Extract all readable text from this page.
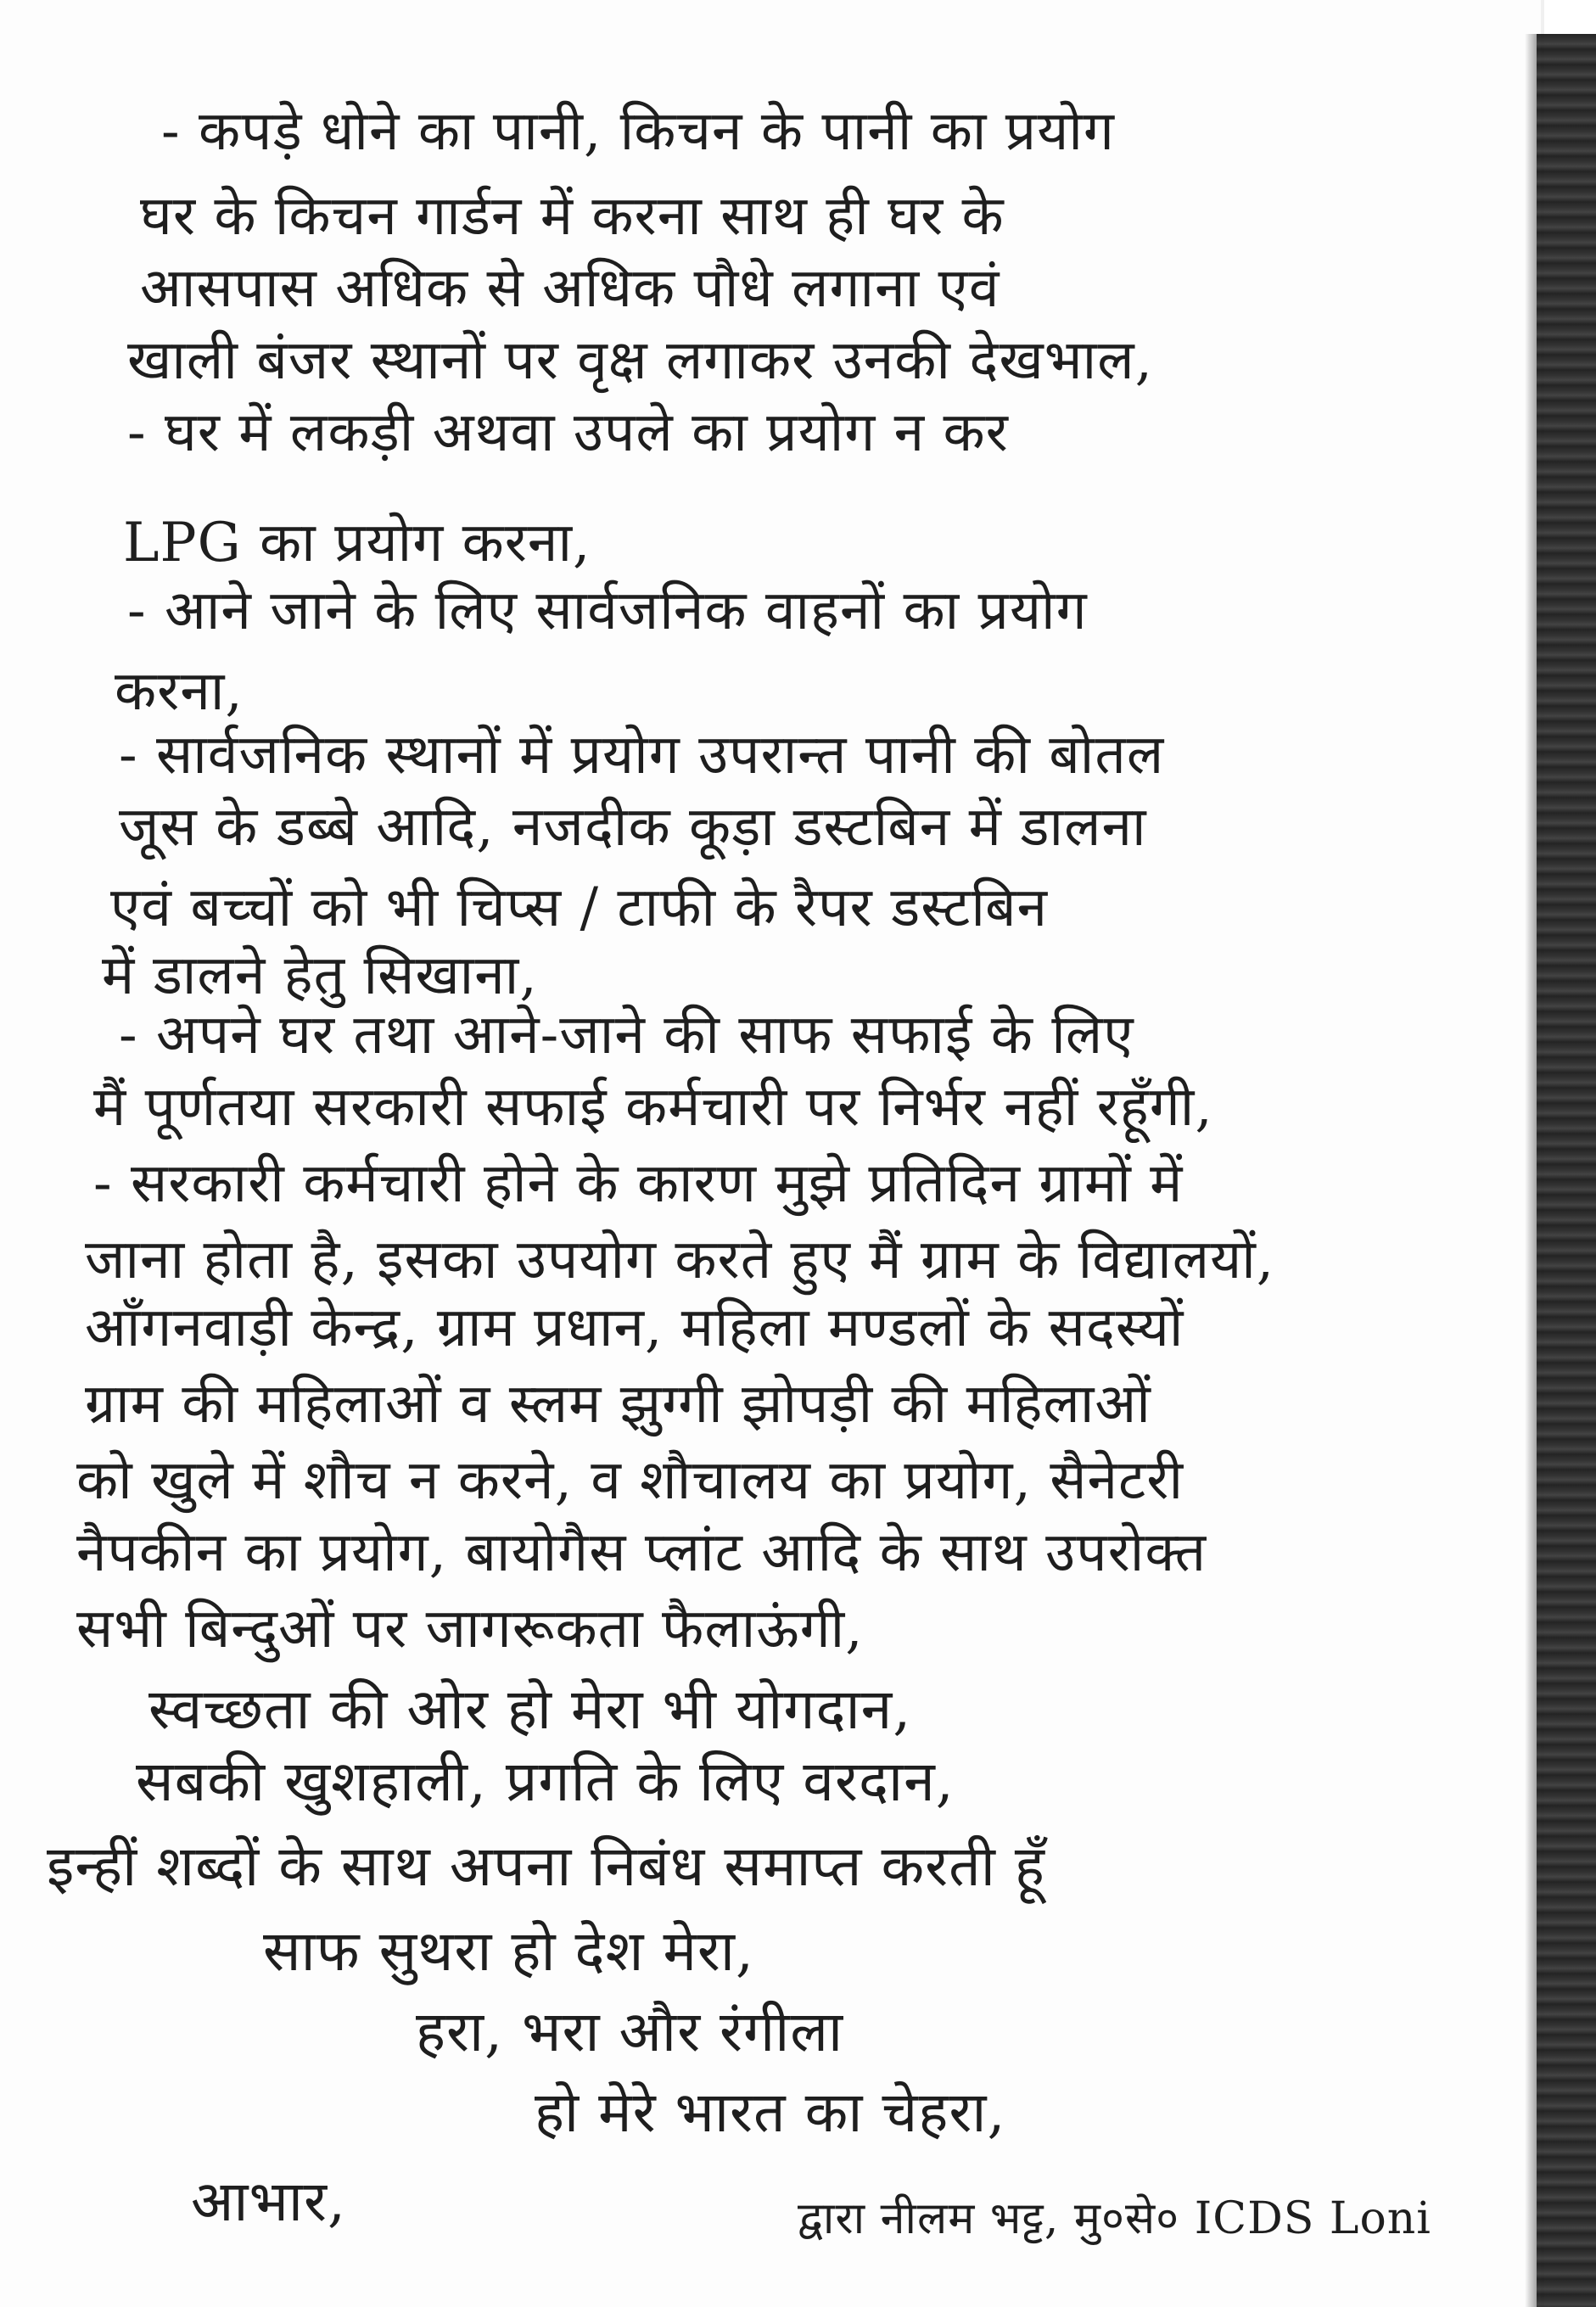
- कपड़े धोने का पानी, किचन के पानी का प्रयोग
घर के किचन गार्डन में करना साथ ही घर के
आसपास अधिक से अधिक पौधे लगाना एवं
खाली बंजर स्थानों पर वृक्ष लगाकर उनकी देखभाल,
- घर में लकड़ी अथवा उपले का प्रयोग न कर
LPG का प्रयोग करना,
- आने जाने के लिए सार्वजनिक वाहनों का प्रयोग
करना,
- सार्वजनिक स्थानों में प्रयोग उपरान्त पानी की बोतल
जूस के डब्बे आदि, नजदीक कूड़ा डस्टबिन में डालना
एवं बच्चों को भी चिप्स / टाफी के रैपर डस्टबिन
में डालने हेतु सिखाना,
- अपने घर तथा आने-जाने की साफ सफाई के लिए
मैं पूर्णतया सरकारी सफाई कर्मचारी पर निर्भर नहीं रहूँगी,
- सरकारी कर्मचारी होने के कारण मुझे प्रतिदिन ग्रामों में
जाना होता है, इसका उपयोग करते हुए मैं ग्राम के विद्यालयों,
आँगनवाड़ी केन्द्र, ग्राम प्रधान, महिला मण्डलों के सदस्यों
ग्राम की महिलाओं व स्लम झुग्गी झोपड़ी की महिलाओं
को खुले में शौच न करने, व शौचालय का प्रयोग, सैनेटरी
नैपकीन का प्रयोग, बायोगैस प्लांट आदि के साथ उपरोक्त
सभी बिन्दुओं पर जागरूकता फैलाऊंगी,
स्वच्छता की ओर हो मेरा भी योगदान,
सबकी खुशहाली, प्रगति के लिए वरदान,
इन्हीं शब्दों के साथ अपना निबंध समाप्त करती हूँ
साफ सुथरा हो देश मेरा,
हरा, भरा और रंगीला
हो मेरे भारत का चेहरा,
आभार,	द्वारा नीलम भट्ट, मु०से० ICDS Loni
